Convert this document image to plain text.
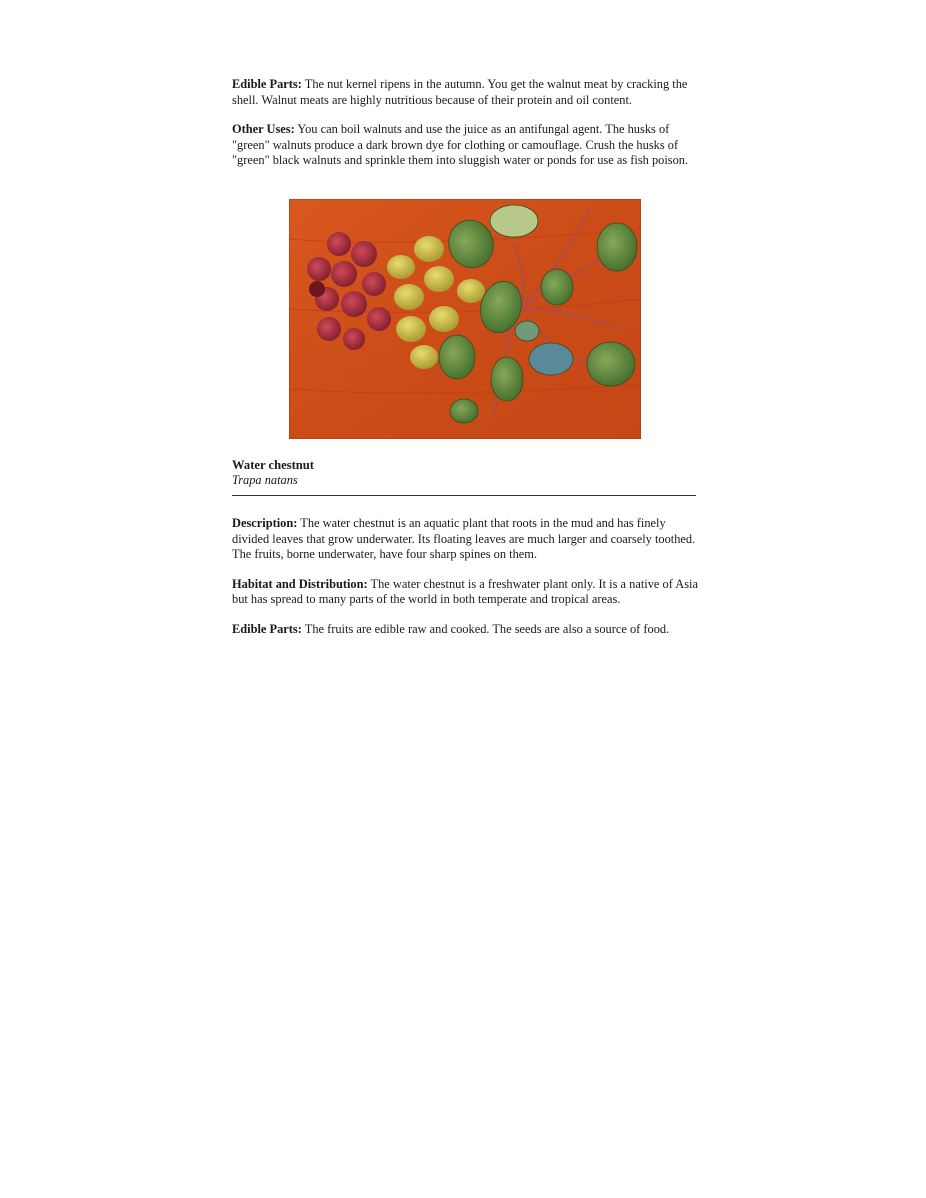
Edible Parts: The nut kernel ripens in the autumn. You get the walnut meat by cracking the shell. Walnut meats are highly nutritious because of their protein and oil content.

Other Uses: You can boil walnuts and use the juice as an antifungal agent. The husks of "green" walnuts produce a dark brown dye for clothing or camouflage. Crush the husks of "green" black walnuts and sprinkle them into sluggish water or ponds for use as fish poison.

Water chestnut

Trapa natans

Description: The water chestnut is an aquatic plant that roots in the mud and has finely divided leaves that grow underwater. Its floating leaves are much larger and coarsely toothed. The fruits, borne underwater, have four sharp spines on them.

Habitat and Distribution: The water chestnut is a freshwater plant only. It is a native of Asia but has spread to many parts of the world in both temperate and tropical areas.

Edible Parts: The fruits are edible raw and cooked. The seeds are also a source of food.
